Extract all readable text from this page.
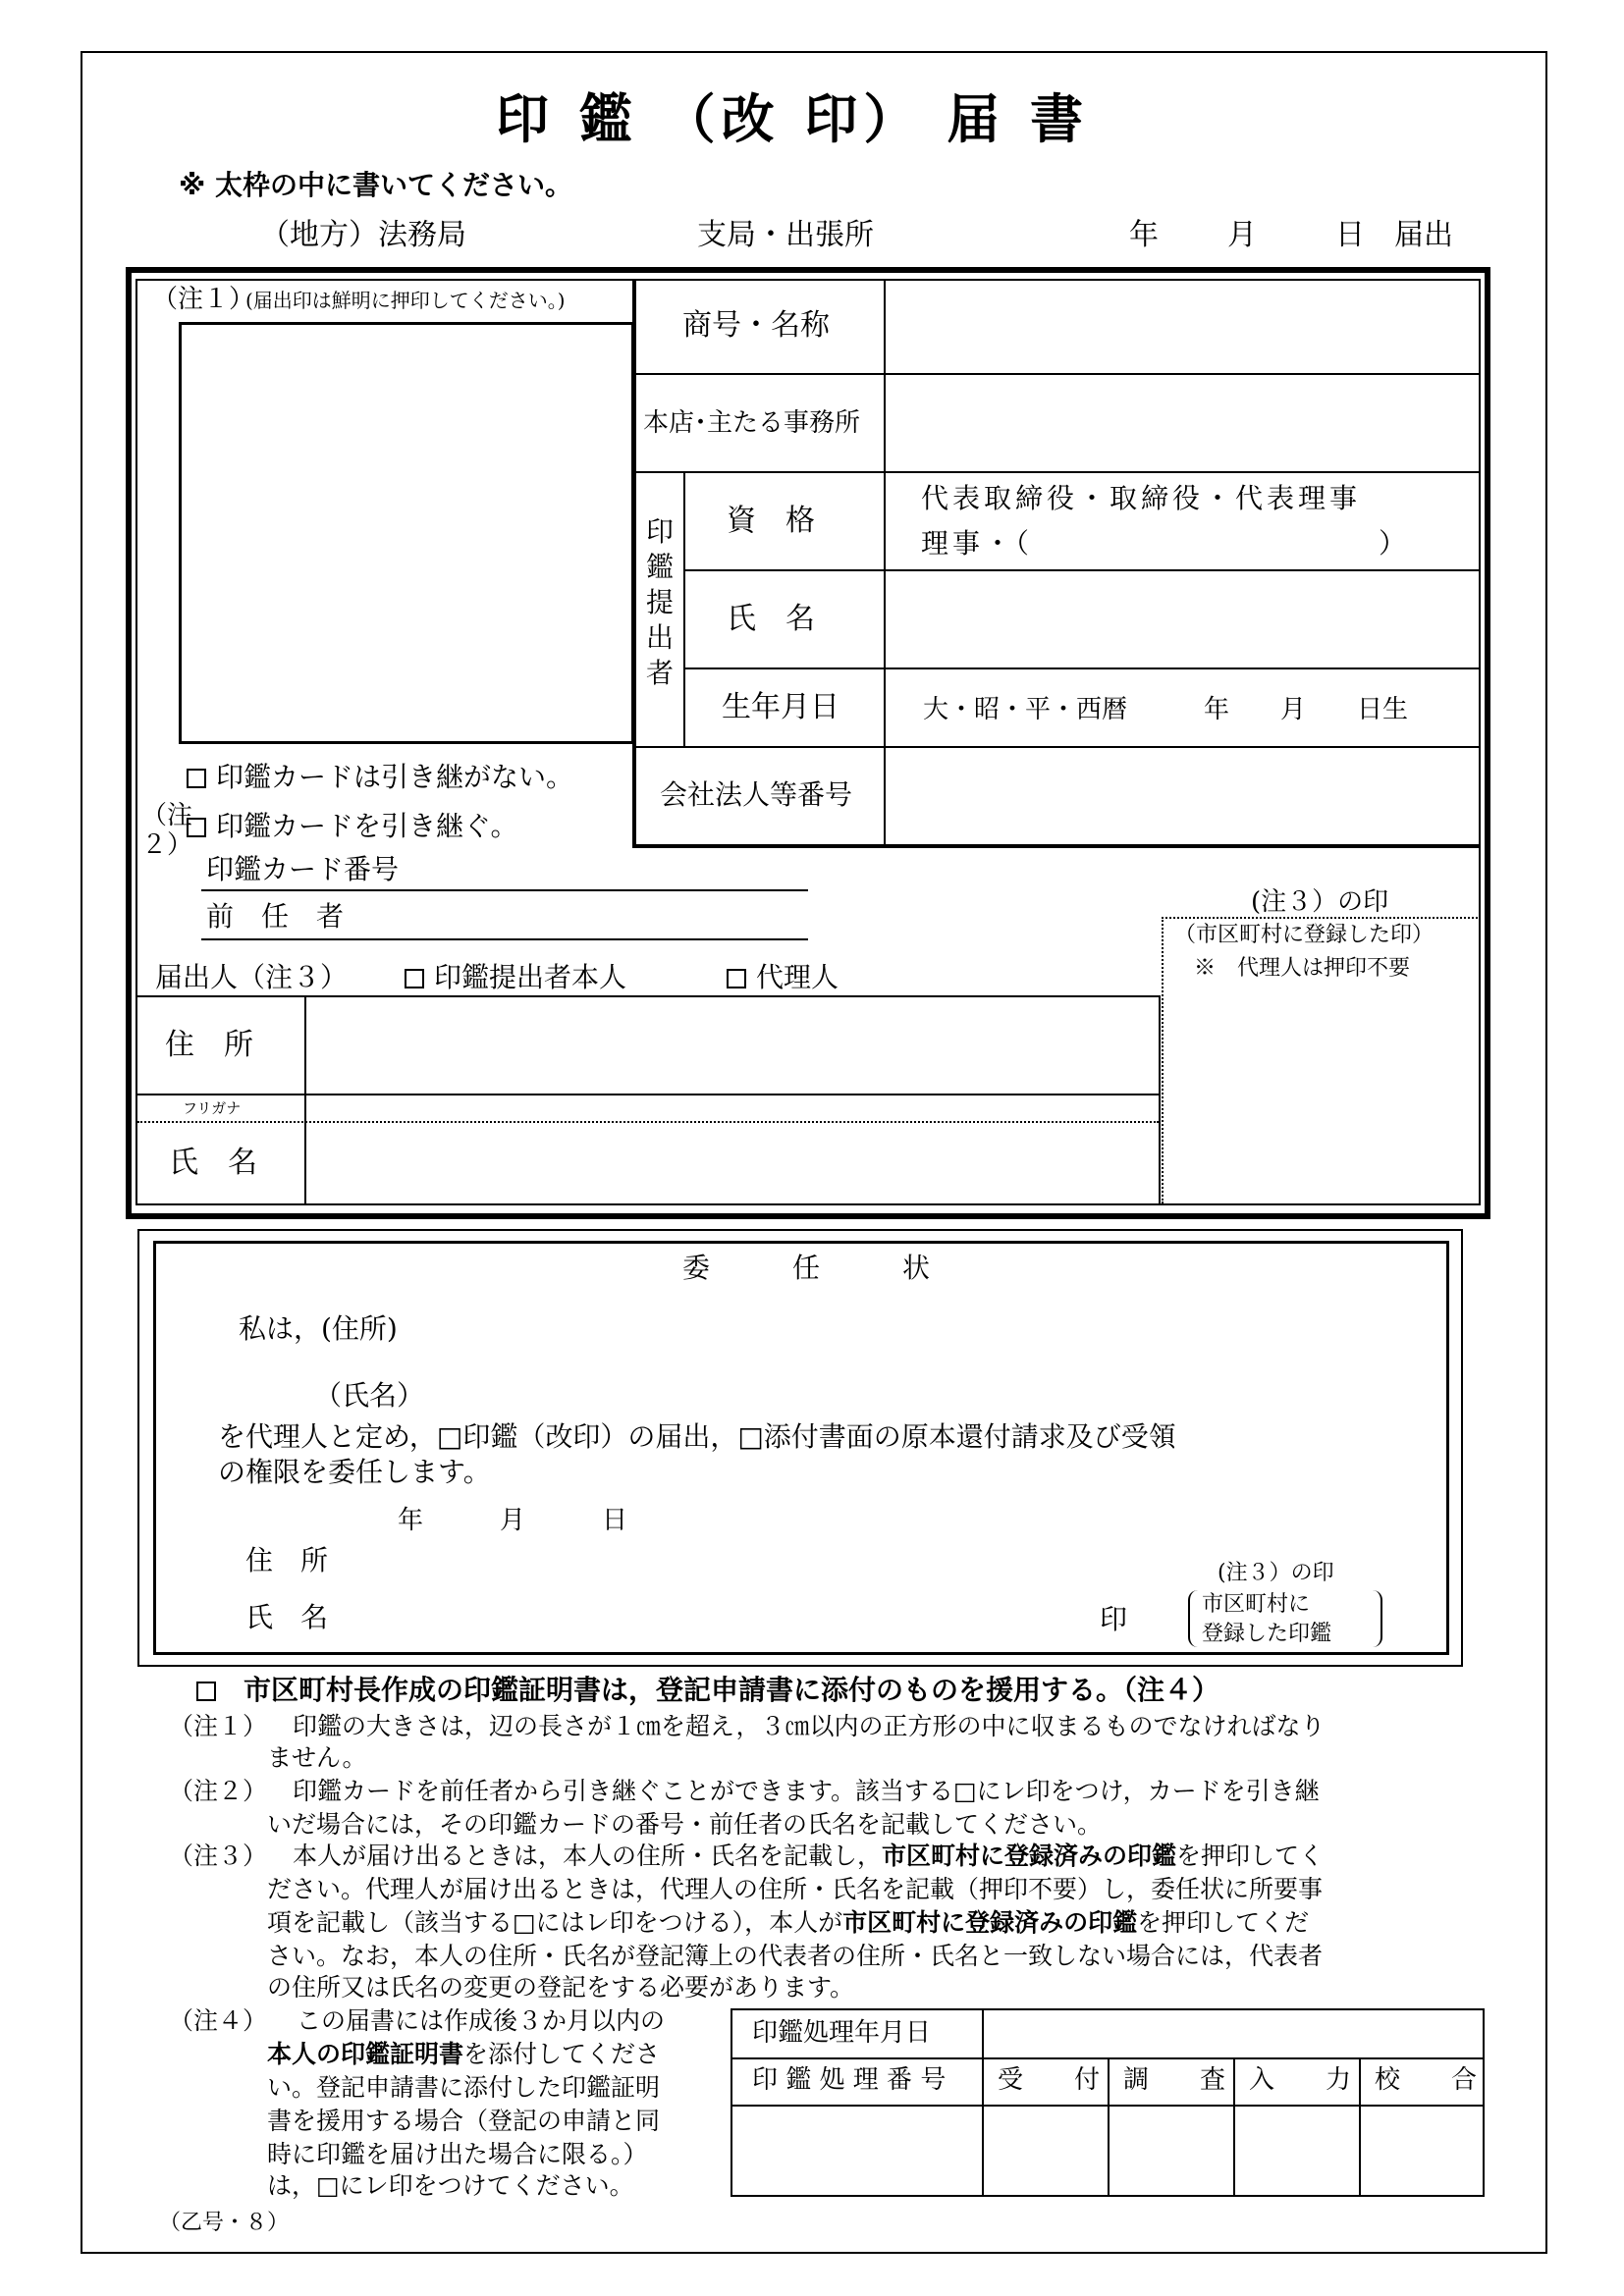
印 鑑 （改 印） 届 書
※ 太枠の中に書いてください。
（地方）法務局	支局・出張所	年 月	日 届出
（注１）
(届出印は鮮明に押印してください。)
商号・名称
本店･主たる事務所
印鑑提出者
資　格
代表取締役・取締役・代表理事
理事・（　　　　　　　　　　　）
氏　名
生年月日	大・昭・平・西暦　　　年　　月　　日生
会社法人等番号
印鑑カードは引き継がない。
印鑑カードを引き継ぐ。
（注２）
印鑑カード番号
前　任　者
届出人（注３）	印鑑提出者本人	代理人
住　所
フリガナ
氏　名
(注３）の印
（市区町村に登録した印）
※　代理人は押印不要
委　　　任　　　状
私は，(住所)
（氏名）
を代理人と定め，□印鑑（改印）の届出，□添付書面の原本還付請求及び受領
の権限を委任します。
年　　　月　　　日
住　所
氏　名	印
(注３）の印
市区町村に
登録した印鑑
市区町村長作成の印鑑証明書は，登記申請書に添付のものを援用する。（注４）
（注１） 印鑑の大きさは，辺の長さが１㎝を超え，３㎝以内の正方形の中に収まるものでなければなり
ません。
（注２） 印鑑カードを前任者から引き継ぐことができます。該当する□にレ印をつけ，カードを引き継
いだ場合には，その印鑑カードの番号・前任者の氏名を記載してください。
（注３） 本人が届け出るときは，本人の住所・氏名を記載し，市区町村に登録済みの印鑑を押印してく
ださい。代理人が届け出るときは，代理人の住所・氏名を記載（押印不要）し，委任状に所要事
項を記載し（該当する□にはレ印をつける），本人が市区町村に登録済みの印鑑を押印してくだ
さい。なお，本人の住所・氏名が登記簿上の代表者の住所・氏名と一致しない場合には，代表者
の住所又は氏名の変更の登記をする必要があります。
（注４） この届書には作成後３か月以内の
本人の印鑑証明書を添付してくださ
い。登記申請書に添付した印鑑証明
書を援用する場合（登記の申請と同
時に印鑑を届け出た場合に限る。）
は，□にレ印をつけてください。
印鑑処理年月日
印 鑑 処 理 番 号 受　　付 調　　査 入　　力 校　　合
（乙号・８）
